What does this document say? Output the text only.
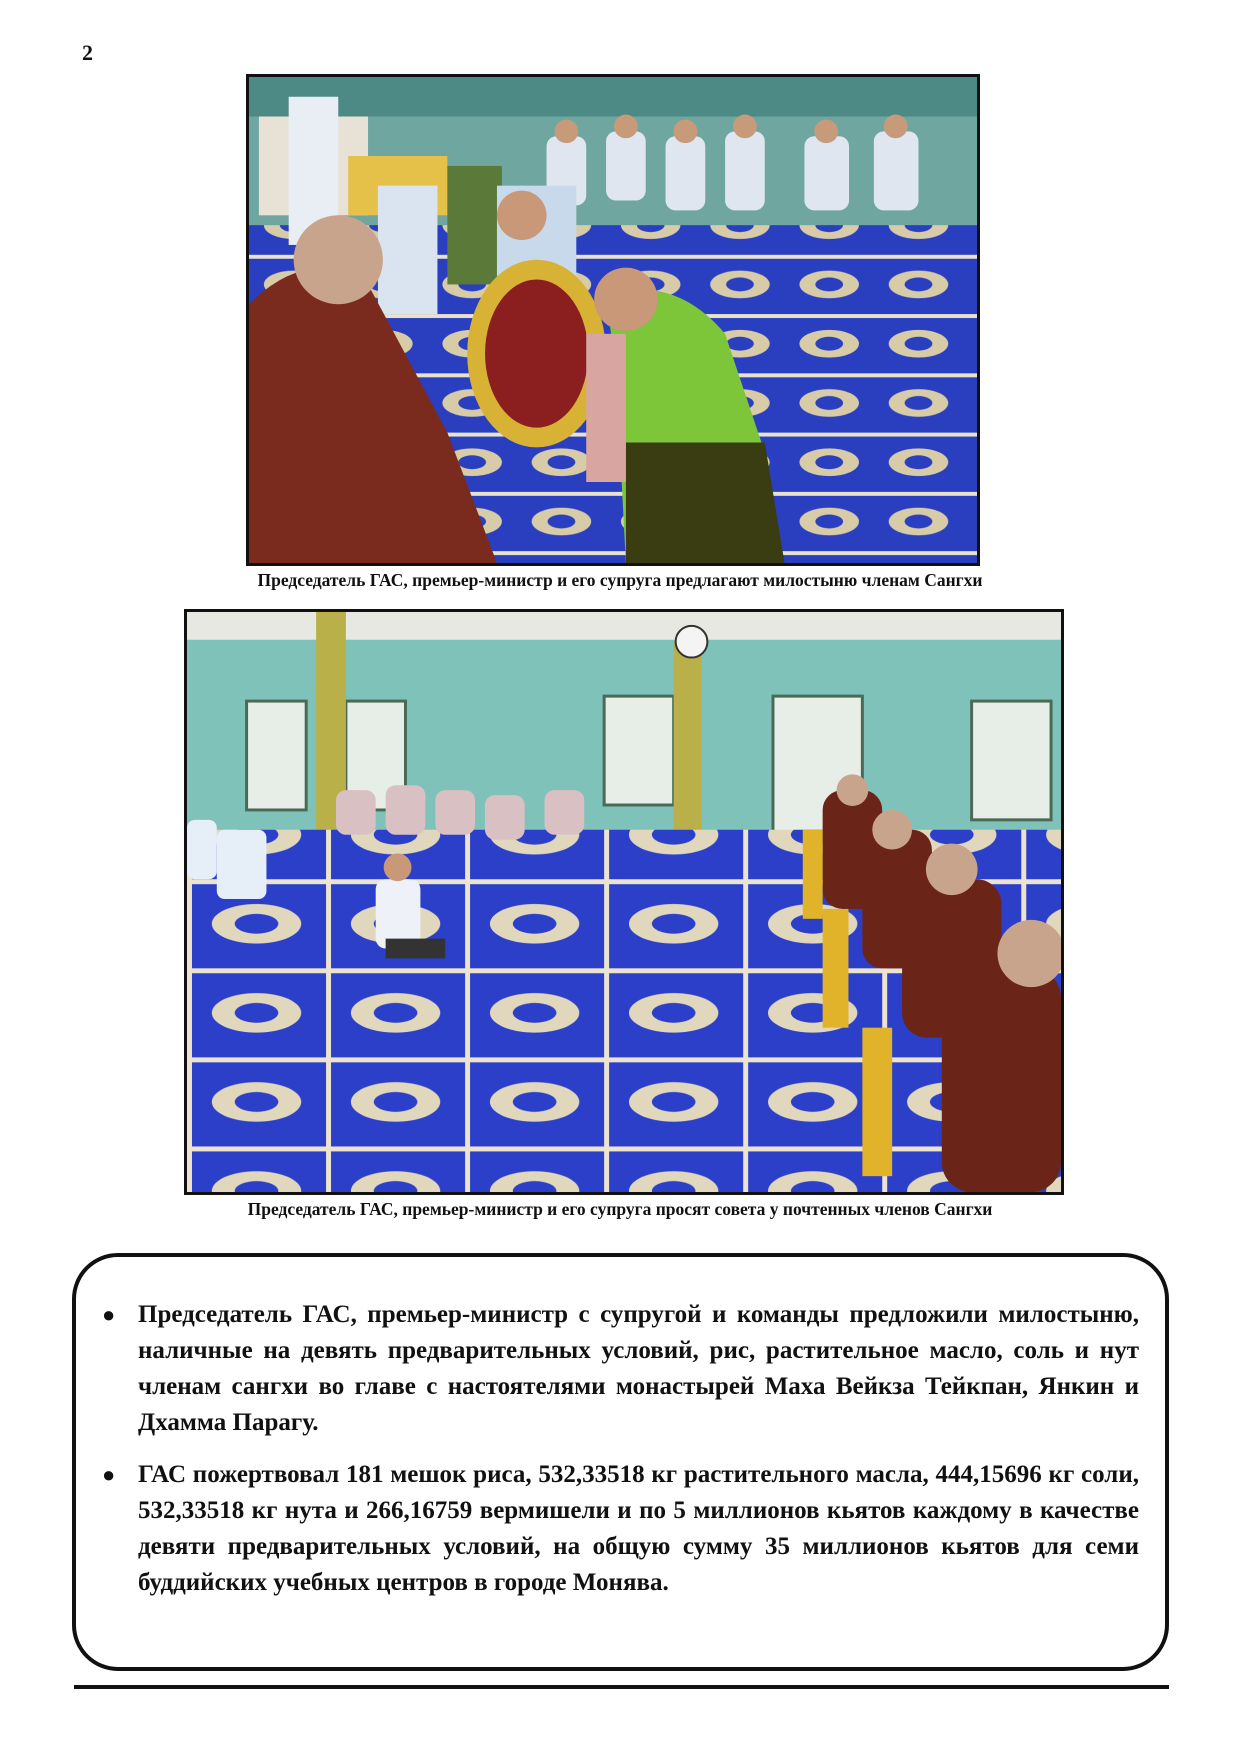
2
Председатель ГАС, премьер-министр и его супруга предлагают милостыню членам Сангхи
Председатель ГАС, премьер-министр и его супруга просят совета у почтенных членов Сангхи
● Председатель ГАС, премьер-министр с супругой и команды предложили милостыню, наличные на девять предварительных условий, рис, растительное масло, соль и нут членам сангхи во главе с настоятелями монастырей Маха Вейкза Тейкпан, Янкин и Дхамма Парагу.
● ГАС пожертвовал 181 мешок риса, 532,33518 кг растительного масла, 444,15696 кг соли, 532,33518 кг нута и 266,16759 вермишели и по 5 миллионов кьятов каждому в качестве девяти предварительных условий, на общую сумму 35 миллионов кьятов для семи буддийских учебных центров в городе Монява.
